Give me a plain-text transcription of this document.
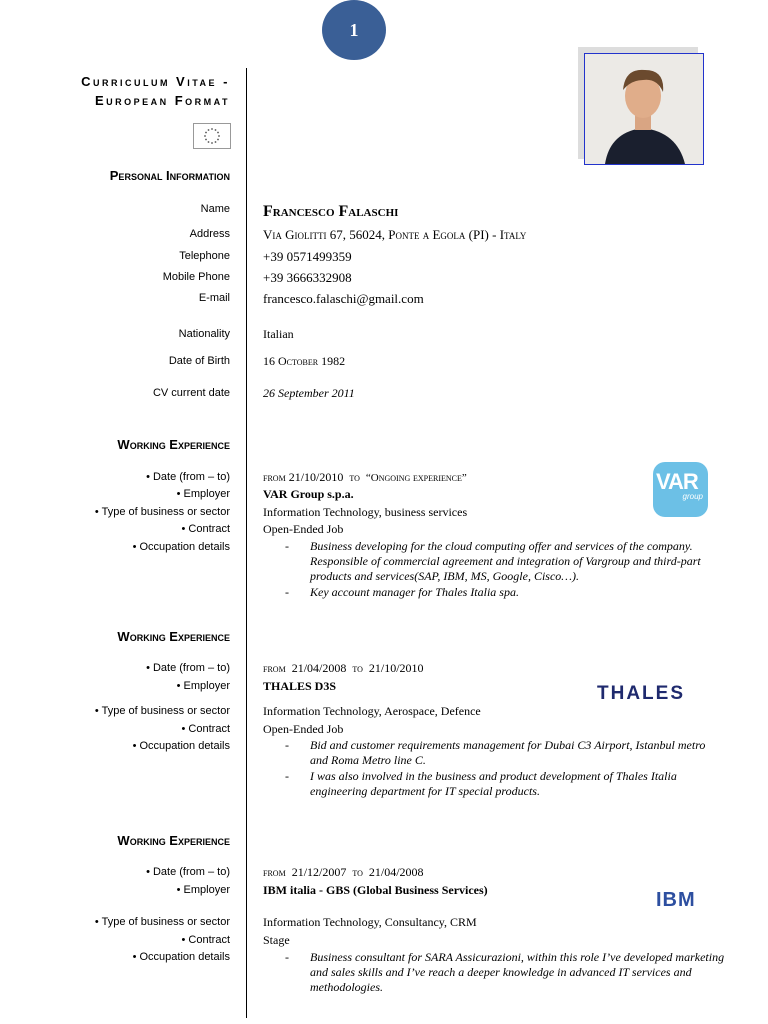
1
Curriculum Vitae -
European Format
Personal Information
Name Francesco Falaschi
Address	Via Giolitti 67, 56024, Ponte a Egola (PI) - Italy
Telephone	+39 0571499359
Mobile Phone	+39 3666332908
E-mail	francesco.falaschi@gmail.com
Nationality	Italian
Date of Birth	16 October 1982
CV current date	26 September 2011
Working Experience
• Date (from – to)	from 21/10/2010 to “Ongoing experience”
• Employer	VAR Group s.p.a.
• Type of business or sector	Information Technology, business services
• Contract	Open-Ended Job
• Occupation details	-	Business developing for the cloud computing offer and services of the company. Responsible of commercial agreement and integration of Vargroup and third-part products and services(SAP, IBM, MS, Google, Cisco…).
-	Key account manager for Thales Italia spa.
VAR
group
Working Experience
• Date (from – to)	from 21/04/2008 to 21/10/2010
• Employer	THALES D3S
• Type of business or sector	Information Technology, Aerospace, Defence
• Contract	Open-Ended Job
• Occupation details	-	Bid and customer requirements management for Dubai C3 Airport, Istanbul metro and Roma Metro line C.
-	I was also involved in the business and product development of Thales Italia engineering department for IT special products.
THALES
Working Experience
• Date (from – to)	from 21/12/2007 to 21/04/2008
• Employer	IBM italia - GBS (Global Business Services)
• Type of business or sector	Information Technology, Consultancy, CRM
• Contract	Stage
• Occupation details	-	Business consultant for SARA Assicurazioni, within this role I’ve developed marketing and sales skills and I’ve reach a deeper knowledge in advanced IT services and methodologies.
IBM
